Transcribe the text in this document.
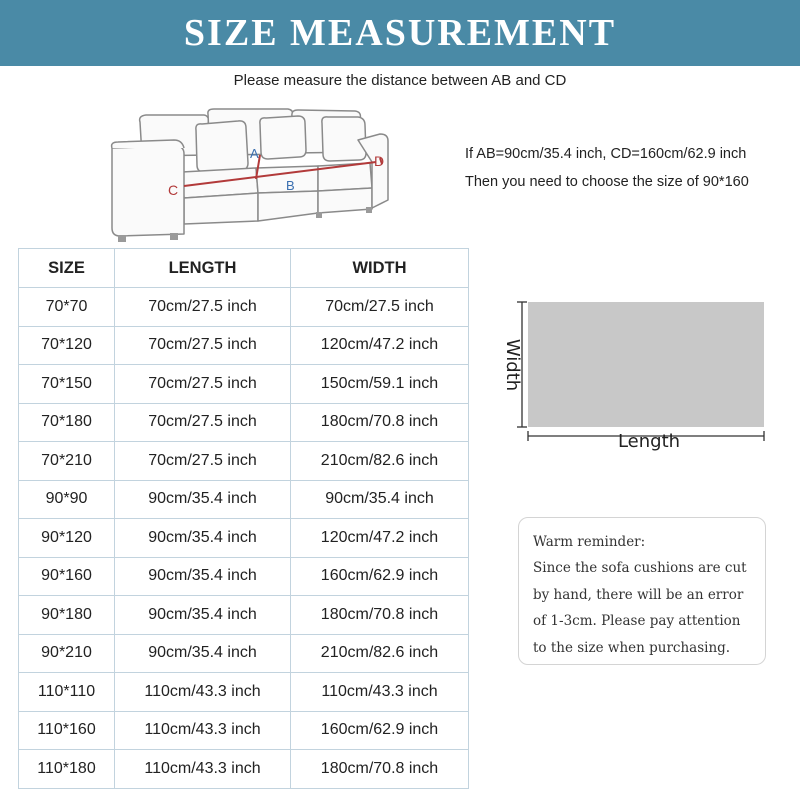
SIZE MEASUREMENT
Please measure the distance between AB and CD
A
B
C
D	If AB=90cm/35.4 inch, CD=160cm/62.9 inch
Then you need to choose the size of 90*160
SIZE	LENGTH	WIDTH
70*70	70cm/27.5 inch	70cm/27.5 inch
70*120	70cm/27.5 inch	120cm/47.2 inch
70*150	70cm/27.5 inch	150cm/59.1 inch
70*180	70cm/27.5 inch	180cm/70.8 inch
70*210	70cm/27.5 inch	210cm/82.6 inch
90*90	90cm/35.4 inch	90cm/35.4 inch
90*120	90cm/35.4 inch	120cm/47.2 inch
90*160	90cm/35.4 inch	160cm/62.9 inch
90*180	90cm/35.4 inch	180cm/70.8 inch
90*210	90cm/35.4 inch	210cm/82.6 inch
110*110	110cm/43.3 inch	110cm/43.3 inch
110*160	110cm/43.3 inch	160cm/62.9 inch
110*180	110cm/43.3 inch	180cm/70.8 inch
Width
Length
Warm reminder:
Since the sofa cushions are cut
by hand, there will be an error
of 1-3cm. Please pay attention
to the size when purchasing.
